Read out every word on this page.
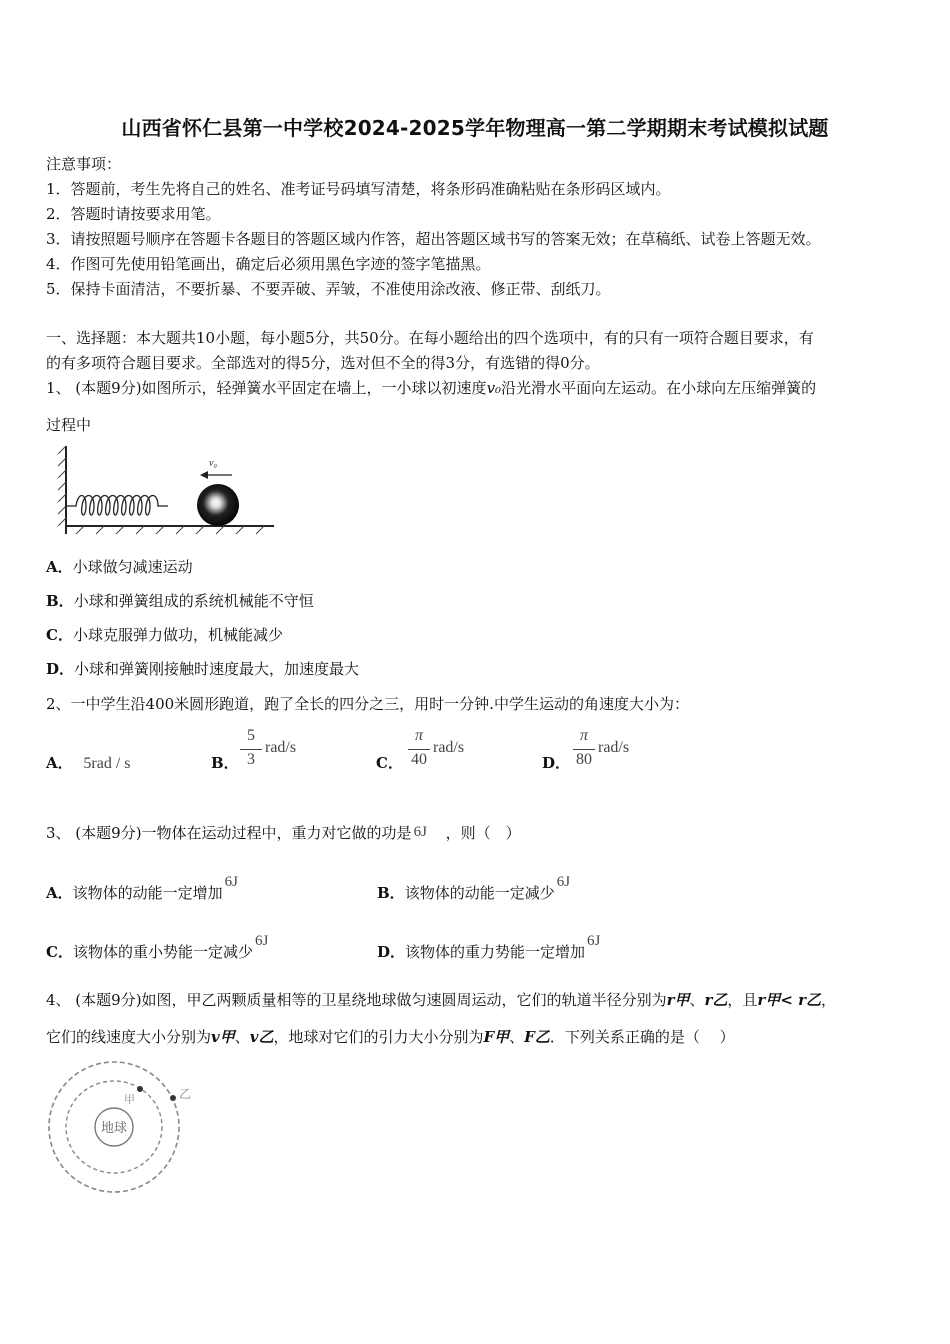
山西省怀仁县第一中学校2024-2025学年物理高一第二学期期末考试模拟试题
注意事项：
1．答题前，考生先将自己的姓名、准考证号码填写清楚，将条形码准确粘贴在条形码区域内。
2．答题时请按要求用笔。
3．请按照题号顺序在答题卡各题目的答题区域内作答，超出答题区域书写的答案无效；在草稿纸、试卷上答题无效。
4．作图可先使用铅笔画出，确定后必须用黑色字迹的签字笔描黑。
5．保持卡面清洁，不要折暴、不要弄破、弄皱，不准使用涂改液、修正带、刮纸刀。
一、选择题：本大题共10小题，每小题5分，共50分。在每小题给出的四个选项中，有的只有一项符合题目要求，有
的有多项符合题目要求。全部选对的得5分，选对但不全的得3分，有选错的得0分。
1、 (本题9分)如图所示，轻弹簧水平固定在墙上，一小球以初速度v₀沿光滑水平面向左运动。在小球向左压缩弹簧的
过程中
v₀
A．小球做匀减速运动
B．小球和弹簧组成的系统机械能不守恒
C．小球克服弹力做功，机械能减少
D．小球和弹簧刚接触时速度最大，加速度最大
2、一中学生沿400米圆形跑道，跑了全长的四分之三，用时一分钟.中学生运动的角速度大小为：
A． 5rad / s	B．
5
3
rad/s
C．
π
40
rad/s
D．
π
80
rad/s
3、 (本题9分)一物体在运动过程中，重力对它做的功是 6J ，则（　）
A．该物体的动能一定增加6J
B．该物体的动能一定减少6J
C．该物体的重小势能一定减少6J
D．该物体的重力势能一定增加6J
4、 (本题9分)如图，甲乙两颗质量相等的卫星绕地球做匀速圆周运动，它们的轨道半径分别为r甲、r乙，且r甲< r乙，
它们的线速度大小分别为v甲、v乙，地球对它们的引力大小分别为F甲、F乙．下列关系正确的是（　 ）
地球
甲	乙
